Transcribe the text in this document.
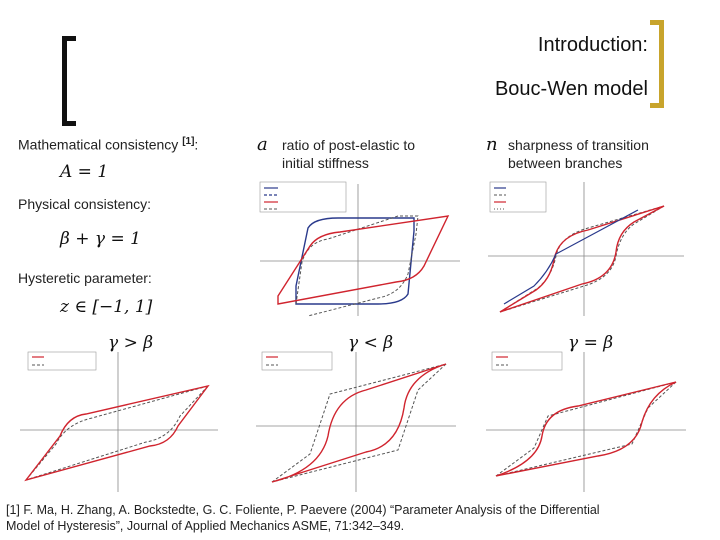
Introduction:
Bouc-Wen model
Mathematical consistency [1]:
A = 1
Physical consistency:
β + γ = 1
Hysteretic parameter:
z ∈ [−1, 1]
a ratio of post-elastic to
initial stiffness
n sharpness of transition
between branches
γ > β	γ < β	γ = β
[1] F. Ma, H. Zhang, A. Bockstedte, G. C. Foliente, P. Paevere (2004) “Parameter Analysis of the Differential
Model of Hysteresis”, Journal of Applied Mechanics ASME, 71:342–349.
